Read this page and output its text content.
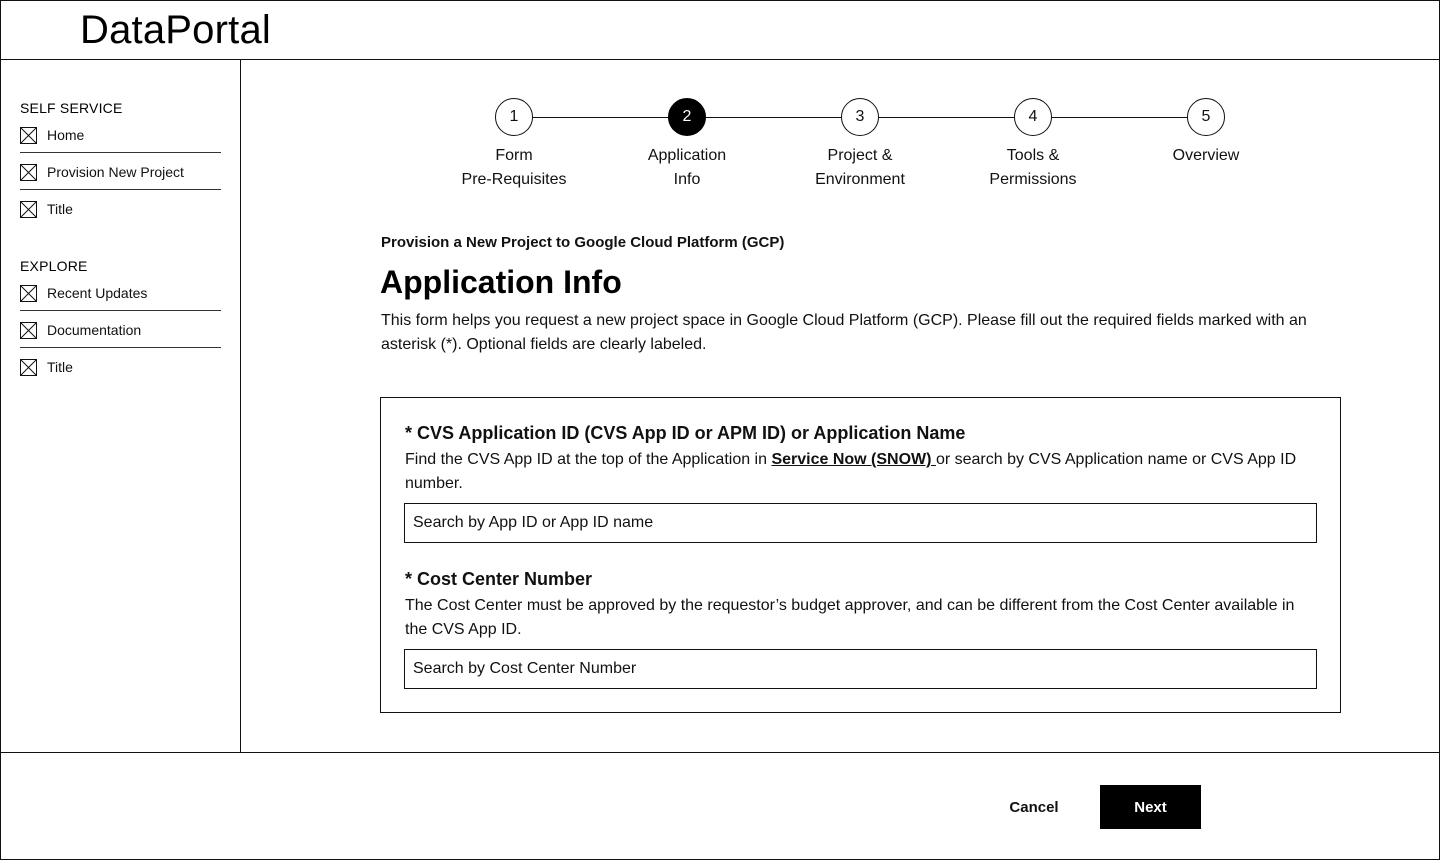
DataPortal
SELF SERVICE
Home
Provision New Project
Title
EXPLORE
Recent Updates
Documentation
Title
1
Form
Pre-Requisites
2
Application
Info
3
Project &
Environment
4
Tools &
Permissions
5
Overview
Provision a New Project to Google Cloud Platform (GCP)
Application Info
This form helps you request a new project space in Google Cloud Platform (GCP). Please fill out the required fields marked with an asterisk (*). Optional fields are clearly labeled.
* CVS Application ID (CVS App ID or APM ID) or Application Name
Find the CVS App ID at the top of the Application in Service Now (SNOW) or search by CVS Application name or CVS App ID number.
Search by App ID or App ID name
* Cost Center Number
The Cost Center must be approved by the requestor’s budget approver, and can be different from the Cost Center available in the CVS App ID.
Search by Cost Center Number
Cancel	Next
